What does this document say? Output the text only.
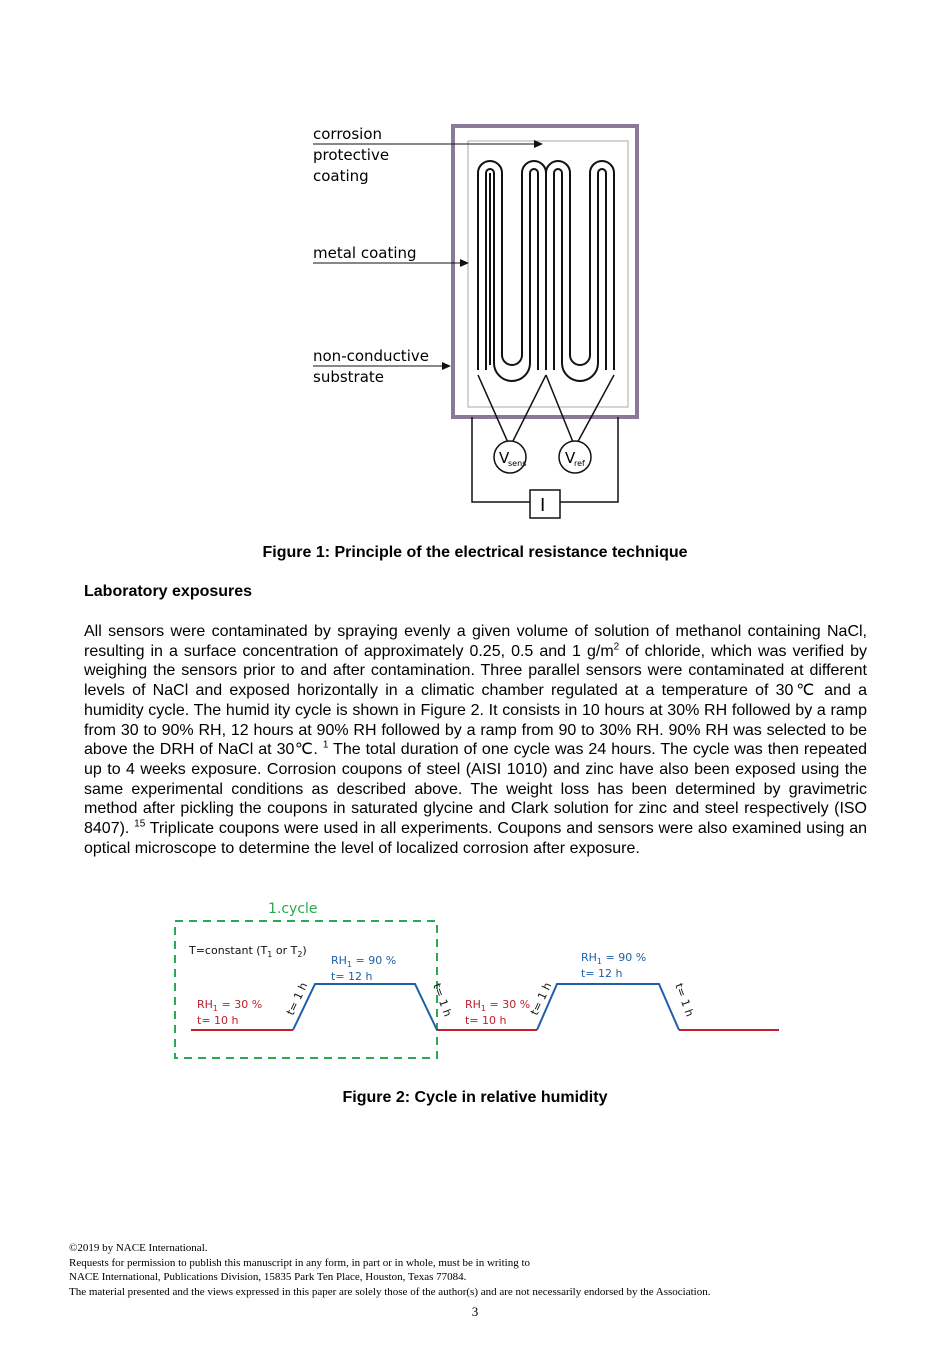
V
sens	V
ref
I
corrosion
protective
coating
metal coating
non-conductive
substrate
Figure 1: Principle of the electrical resistance technique
Laboratory exposures
All sensors were contaminated by spraying evenly a given volume of solution of methanol containing NaCl, resulting in a surface concentration of approximately 0.25, 0.5 and 1 $g/m^2$ of chloride, which was verified by weighing the sensors prior to and after contamination. Three parallel sensors were contaminated at different levels of NaCl and exposed horizontally in a climatic chamber regulated at a temperature of 30℃ and a humidity cycle. The humid ity cycle is shown in Figure 2. It consists in 10 hours at 30% RH followed by a ramp from 30 to 90% RH, 12 hours at 90% RH followed by a ramp from 90 to 30% RH. 90% RH was selected to be above the DRH of NaCl at 30℃. $^1$ The total duration of one cycle was 24 hours. The cycle was then repeated up to 4 weeks exposure. Corrosion coupons of steel (AISI 1010) and zinc have also been exposed using the same experimental conditions as described above. The weight loss has been determined by gravimetric method after pickling the coupons in saturated glycine and Clark solution for zinc and steel respectively (ISO 8407). $^{15}$ Triplicate coupons were used in all experiments. Coupons and sensors were also examined using an optical microscope to determine the level of localized corrosion after exposure.
1.cycle
T=constant ($T_1$ or $T_2$)
$RH_1 = 30$ %
t= 10 h
$RH_1 = 90$ %
t= 12 h
t= 1 h	t= 1 h $RH_1 = 30$ %
t= 10 h
$RH_1 = 90$ %
t= 12 h
t= 1 h	t= 1 h
Figure 2: Cycle in relative humidity
©2019 by NACE International.
Requests for permission to publish this manuscript in any form, in part or in whole, must be in writing to
NACE International, Publications Division, 15835 Park Ten Place, Houston, Texas 77084.
The material presented and the views expressed in this paper are solely those of the author(s) and are not necessarily endorsed by the Association.
3
